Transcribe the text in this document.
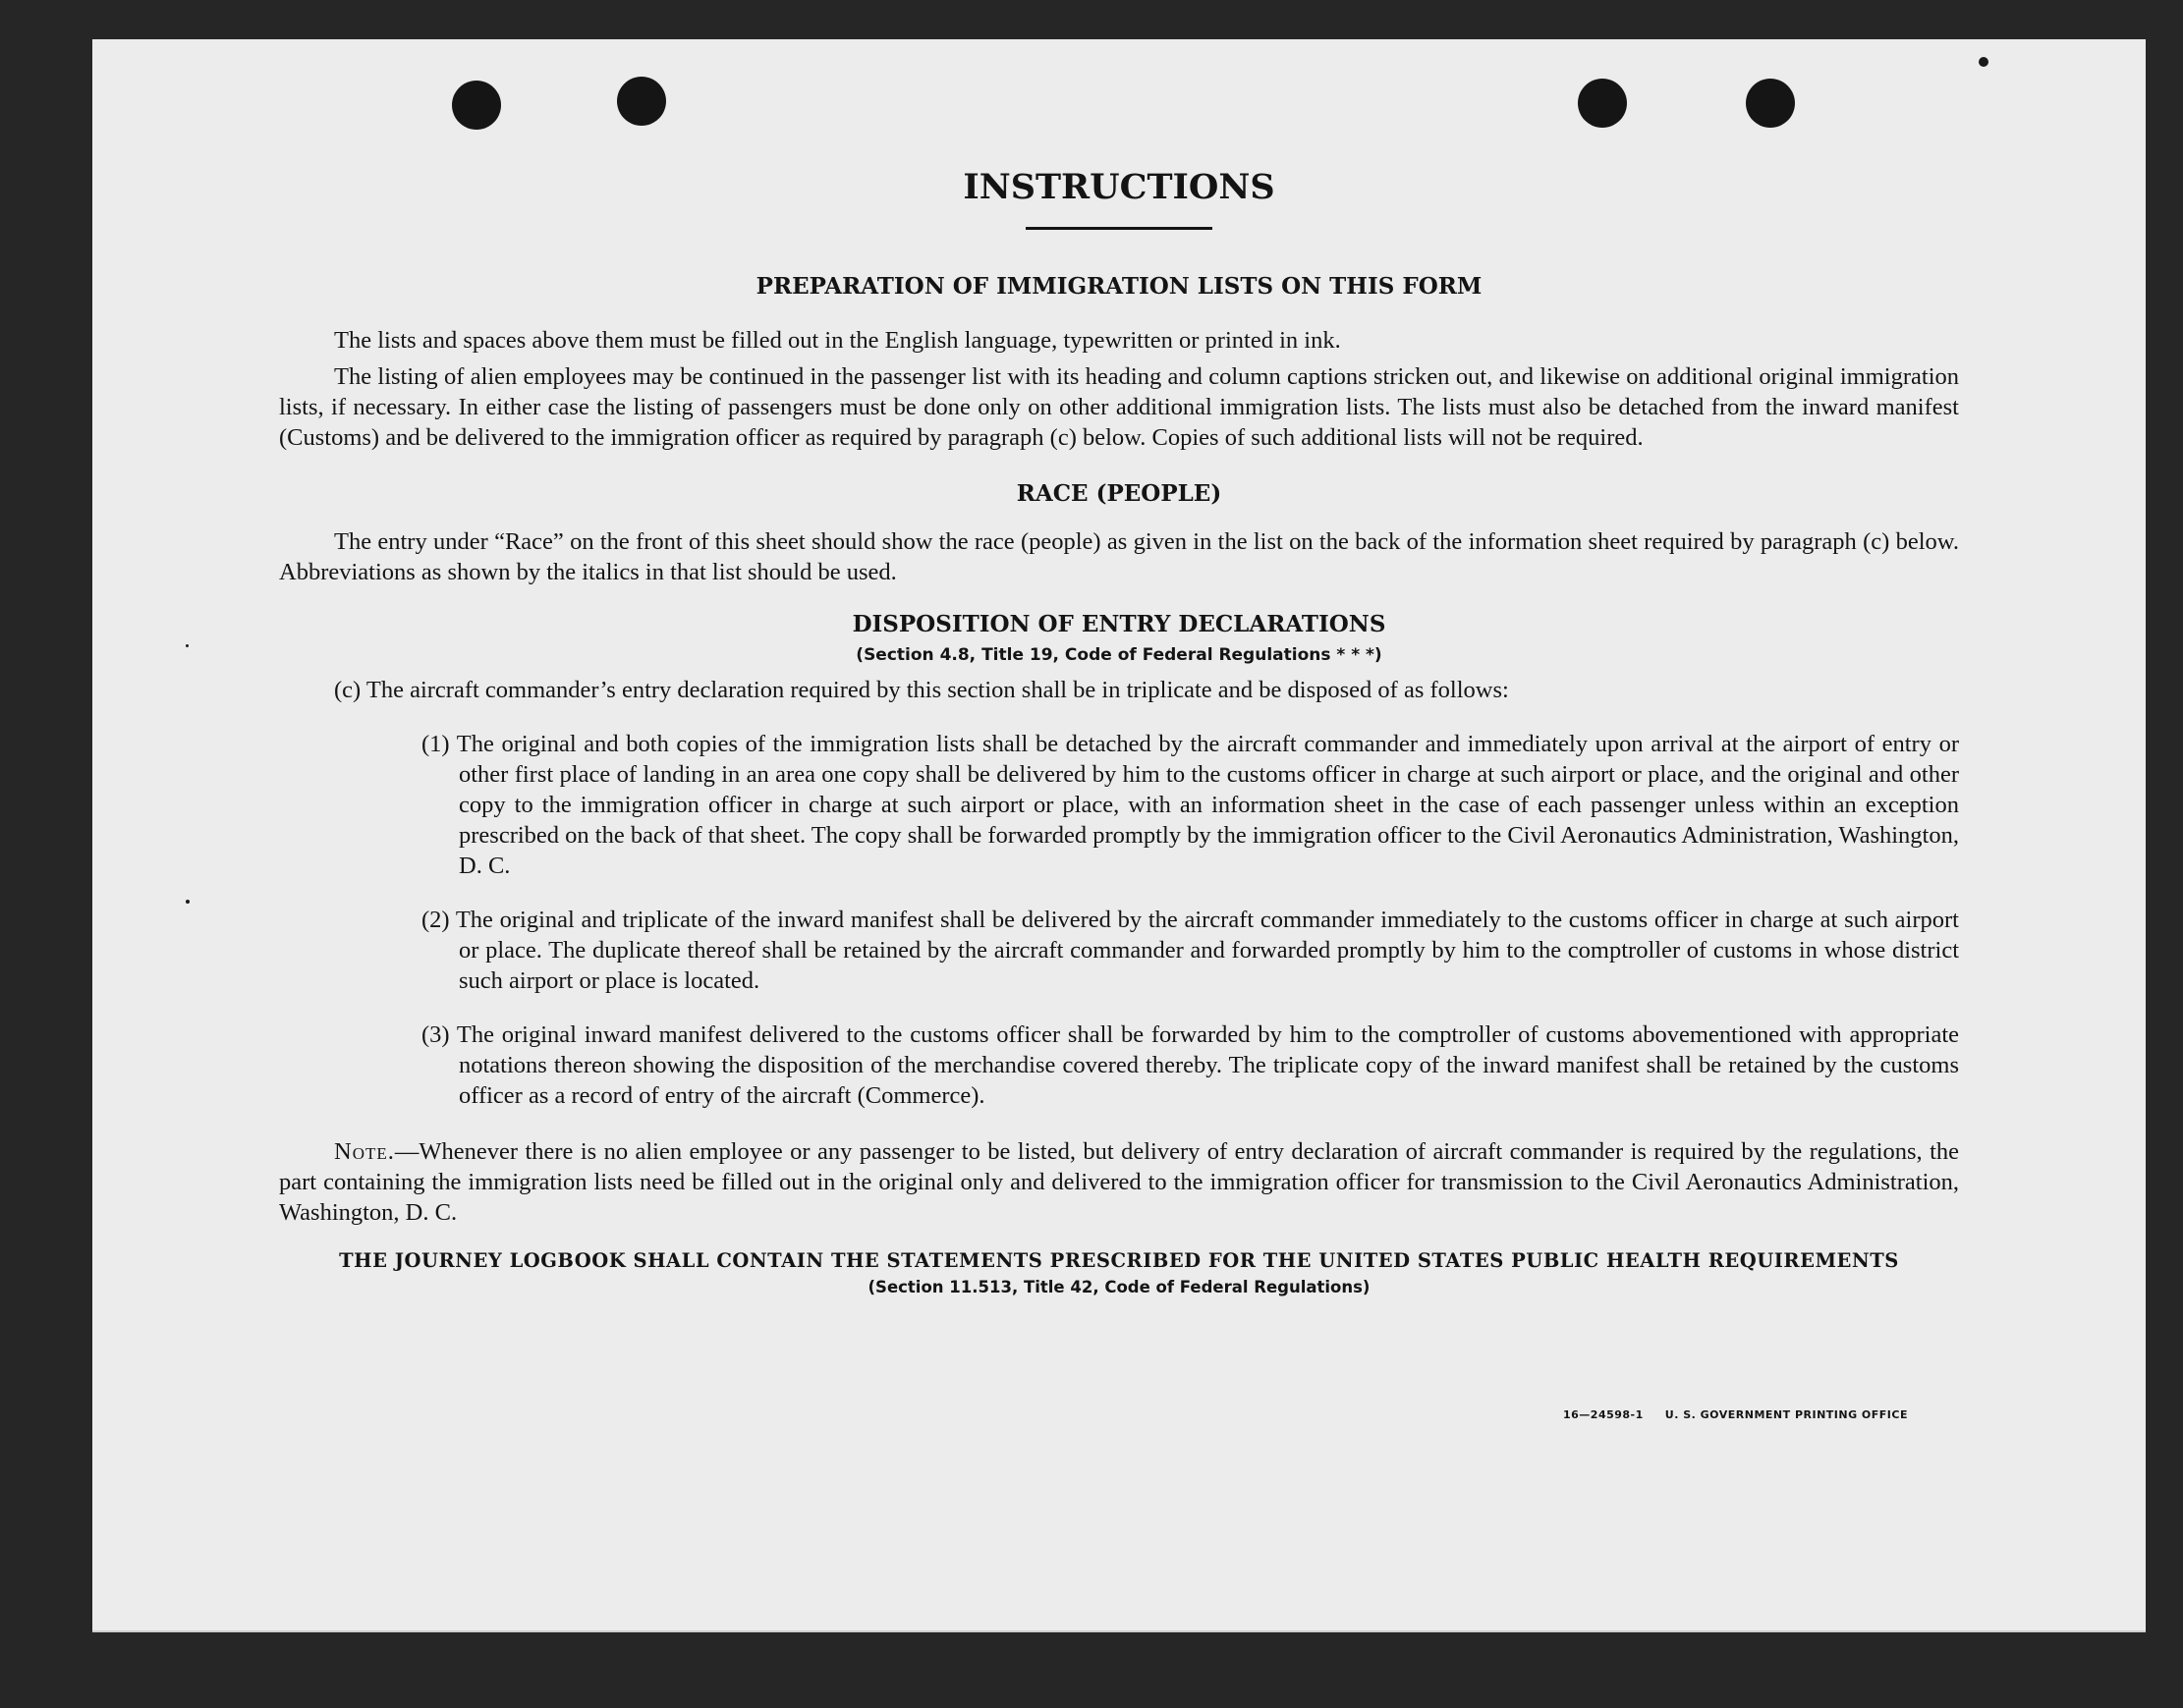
INSTRUCTIONS
PREPARATION OF IMMIGRATION LISTS ON THIS FORM

The lists and spaces above them must be filled out in the English language, typewritten or printed in ink.

The listing of alien employees may be continued in the passenger list with its heading and column captions stricken out, and likewise on additional original immigration lists, if necessary. In either case the listing of passengers must be done only on other additional immigration lists. The lists must also be detached from the inward manifest (Customs) and be delivered to the immigration officer as required by paragraph (c) below. Copies of such additional lists will not be required.

RACE (PEOPLE)

The entry under “Race” on the front of this sheet should show the race (people) as given in the list on the back of the information sheet required by paragraph (c) below. Abbreviations as shown by the italics in that list should be used.

DISPOSITION OF ENTRY DECLARATIONS
(Section 4.8, Title 19, Code of Federal Regulations * * *)

(c) The aircraft commander’s entry declaration required by this section shall be in triplicate and be disposed of as follows:

(1) The original and both copies of the immigration lists shall be detached by the aircraft commander and immediately upon arrival at the airport of entry or other first place of landing in an area one copy shall be delivered by him to the customs officer in charge at such airport or place, and the original and other copy to the immigration officer in charge at such airport or place, with an information sheet in the case of each passenger unless within an exception prescribed on the back of that sheet. The copy shall be forwarded promptly by the immigration officer to the Civil Aeronautics Administration, Washington, D. C.
(2) The original and triplicate of the inward manifest shall be delivered by the aircraft commander immediately to the customs officer in charge at such airport or place. The duplicate thereof shall be retained by the aircraft commander and forwarded promptly by him to the comptroller of customs in whose district such airport or place is located.
(3) The original inward manifest delivered to the customs officer shall be forwarded by him to the comptroller of customs abovementioned with appropriate notations thereon showing the disposition of the merchandise covered thereby. The triplicate copy of the inward manifest shall be retained by the customs officer as a record of entry of the aircraft (Commerce).

Note.—Whenever there is no alien employee or any passenger to be listed, but delivery of entry declaration of aircraft commander is required by the regulations, the part containing the immigration lists need be filled out in the original only and delivered to the immigration officer for transmission to the Civil Aeronautics Administration, Washington, D. C.

THE JOURNEY LOGBOOK SHALL CONTAIN THE STATEMENTS PRESCRIBED FOR THE UNITED STATES PUBLIC HEALTH REQUIREMENTS
(Section 11.513, Title 42, Code of Federal Regulations)
16—24598-1 U. S. GOVERNMENT PRINTING OFFICE
